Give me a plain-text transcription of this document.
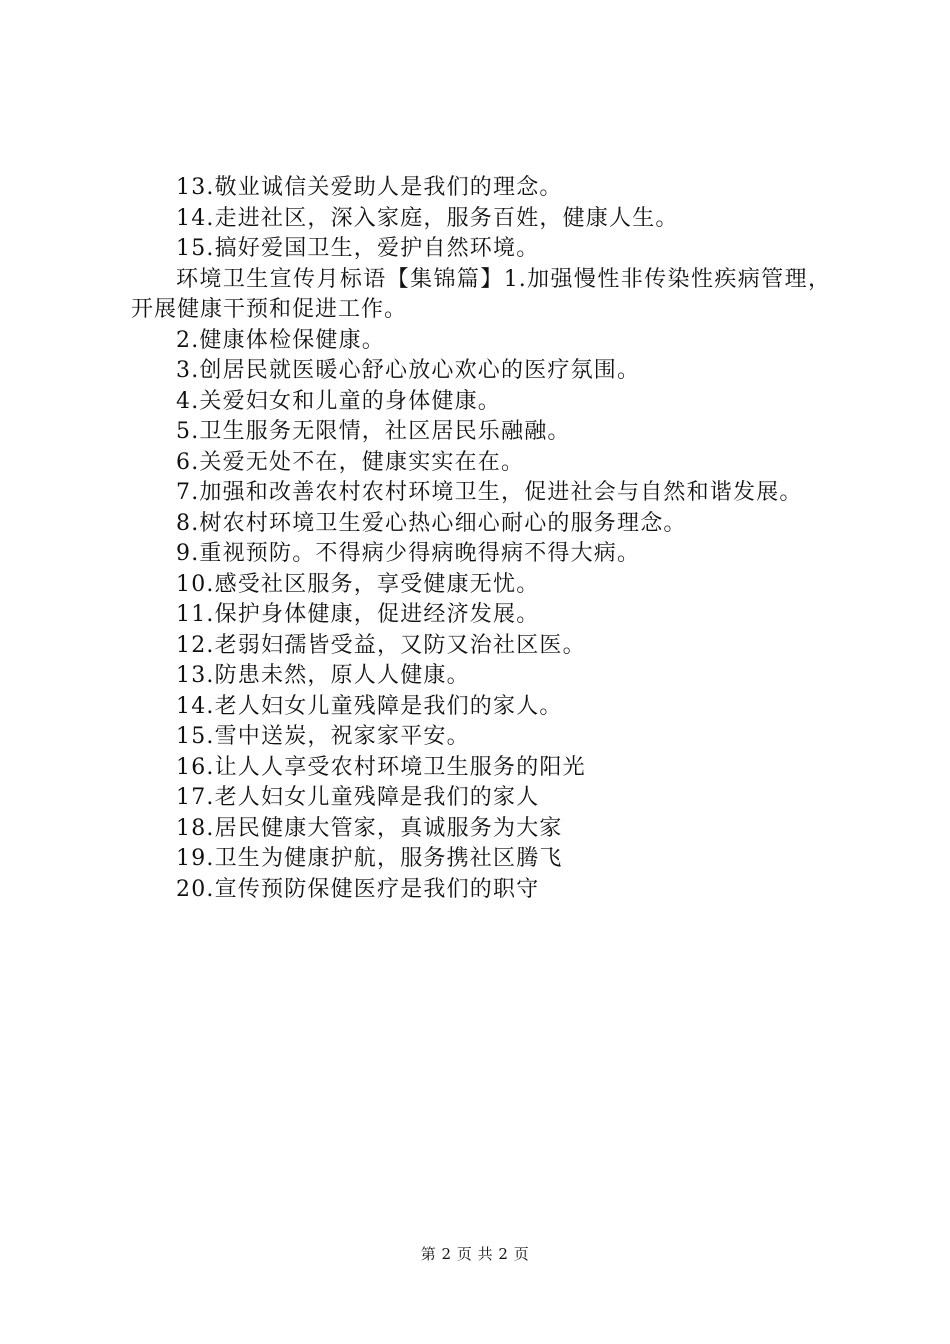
13.敬业诚信关爱助人是我们的理念。

14.走进社区，深入家庭，服务百姓，健康人生。

15.搞好爱国卫生，爱护自然环境。

环境卫生宣传月标语【集锦篇】1.加强慢性非传染性疾病管理，开展健康干预和促进工作。

2.健康体检保健康。

3.创居民就医暖心舒心放心欢心的医疗氛围。

4.关爱妇女和儿童的身体健康。

5.卫生服务无限情，社区居民乐融融。

6.关爱无处不在，健康实实在在。

7.加强和改善农村农村环境卫生，促进社会与自然和谐发展。

8.树农村环境卫生爱心热心细心耐心的服务理念。

9.重视预防。不得病少得病晚得病不得大病。

10.感受社区服务，享受健康无忧。

11.保护身体健康，促进经济发展。

12.老弱妇孺皆受益，又防又治社区医。

13.防患未然，原人人健康。

14.老人妇女儿童残障是我们的家人。

15.雪中送炭，祝家家平安。

16.让人人享受农村环境卫生服务的阳光

17.老人妇女儿童残障是我们的家人

18.居民健康大管家，真诚服务为大家

19.卫生为健康护航，服务携社区腾飞

20.宣传预防保健医疗是我们的职守

第 2 页 共 2 页
